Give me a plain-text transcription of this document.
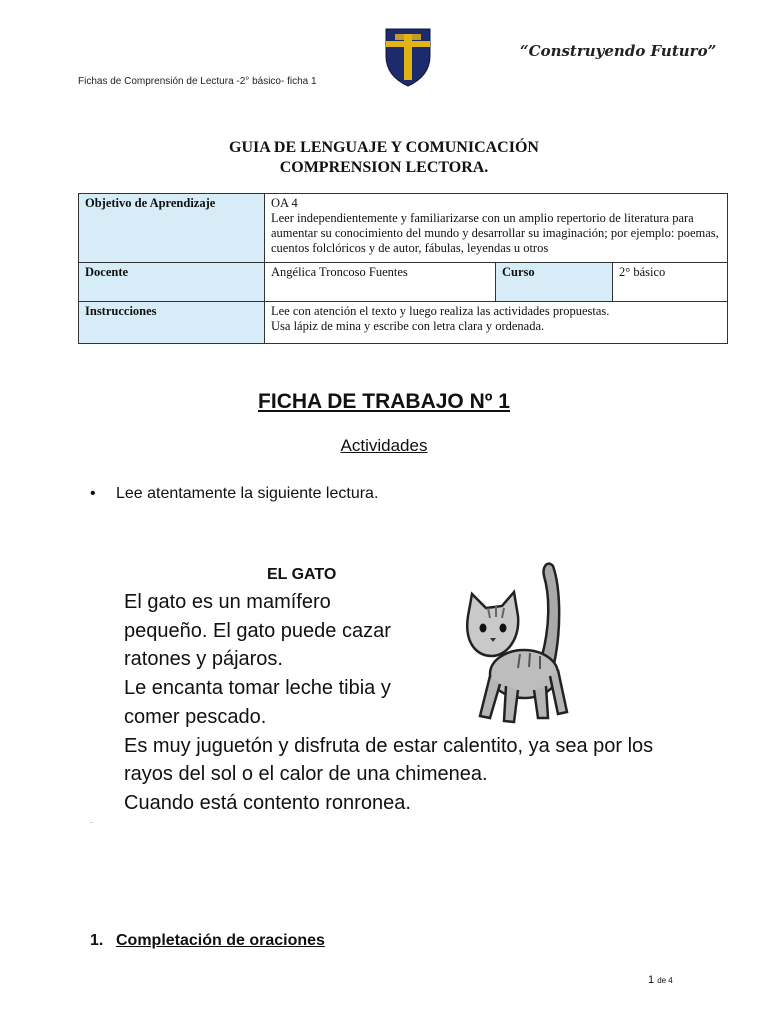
Fichas de Comprensión de Lectura -2° básico- ficha 1
“Construyendo Futuro”
GUIA DE LENGUAJE Y COMUNICACIÓN
COMPRENSION LECTORA.
Objetivo de Aprendizaje	OA 4
Leer independientemente y familiarizarse con un amplio repertorio de literatura para aumentar su conocimiento del mundo y desarrollar su imaginación; por ejemplo: poemas, cuentos folclóricos y de autor, fábulas, leyendas u otros		

Docente	Angélica Troncoso Fuentes	Curso	2° básico
Instrucciones	Lee con atención el texto y luego realiza las actividades propuestas.
Usa lápiz de mina y escribe con letra clara y ordenada.		
FICHA DE TRABAJO Nº 1
Actividades
• Lee atentamente la siguiente lectura.
EL GATO
El gato es un mamífero
pequeño. El gato puede cazar
ratones y pájaros.
Le encanta tomar leche tibia y
comer pescado.
Es muy juguetón y disfruta de estar calentito, ya sea por los
rayos del sol o el calor de una chimenea.
Cuando está contento ronronea.
.
1. Completación de oraciones
1 de 4
